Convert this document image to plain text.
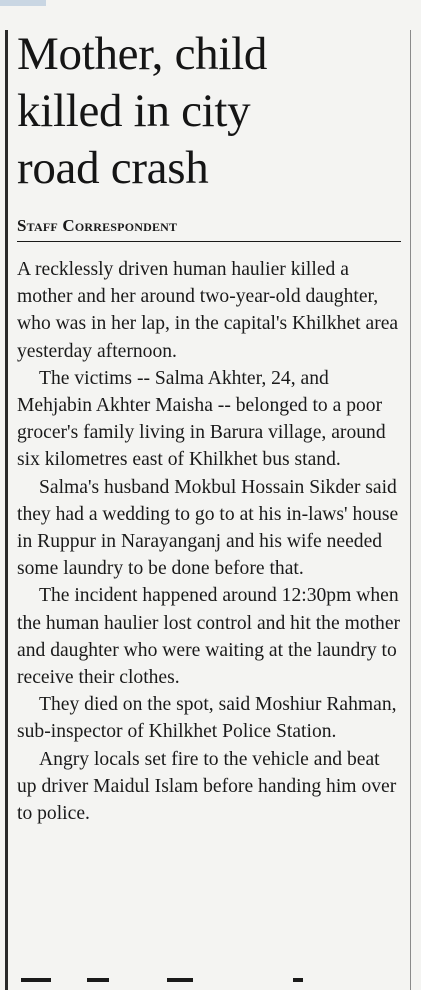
Mother, child
killed in city
road crash
Staff Correspondent

A recklessly driven human haulier killed a mother and her around two-year-old daughter, who was in her lap, in the capital's Khilkhet area yesterday afternoon.

The victims -- Salma Akhter, 24, and Mehjabin Akhter Maisha -- belonged to a poor grocer's family living in Barura village, around six kilometres east of Khilkhet bus stand.

Salma's husband Mokbul Hossain Sikder said they had a wedding to go to at his in-laws' house in Ruppur in Narayanganj and his wife needed some laundry to be done before that.

The incident happened around 12:30pm when the human haulier lost control and hit the mother and daughter who were waiting at the laundry to receive their clothes.

They died on the spot, said Moshiur Rahman, sub-inspector of Khilkhet Police Station.

Angry locals set fire to the vehicle and beat up driver Maidul Islam before handing him over to police.
